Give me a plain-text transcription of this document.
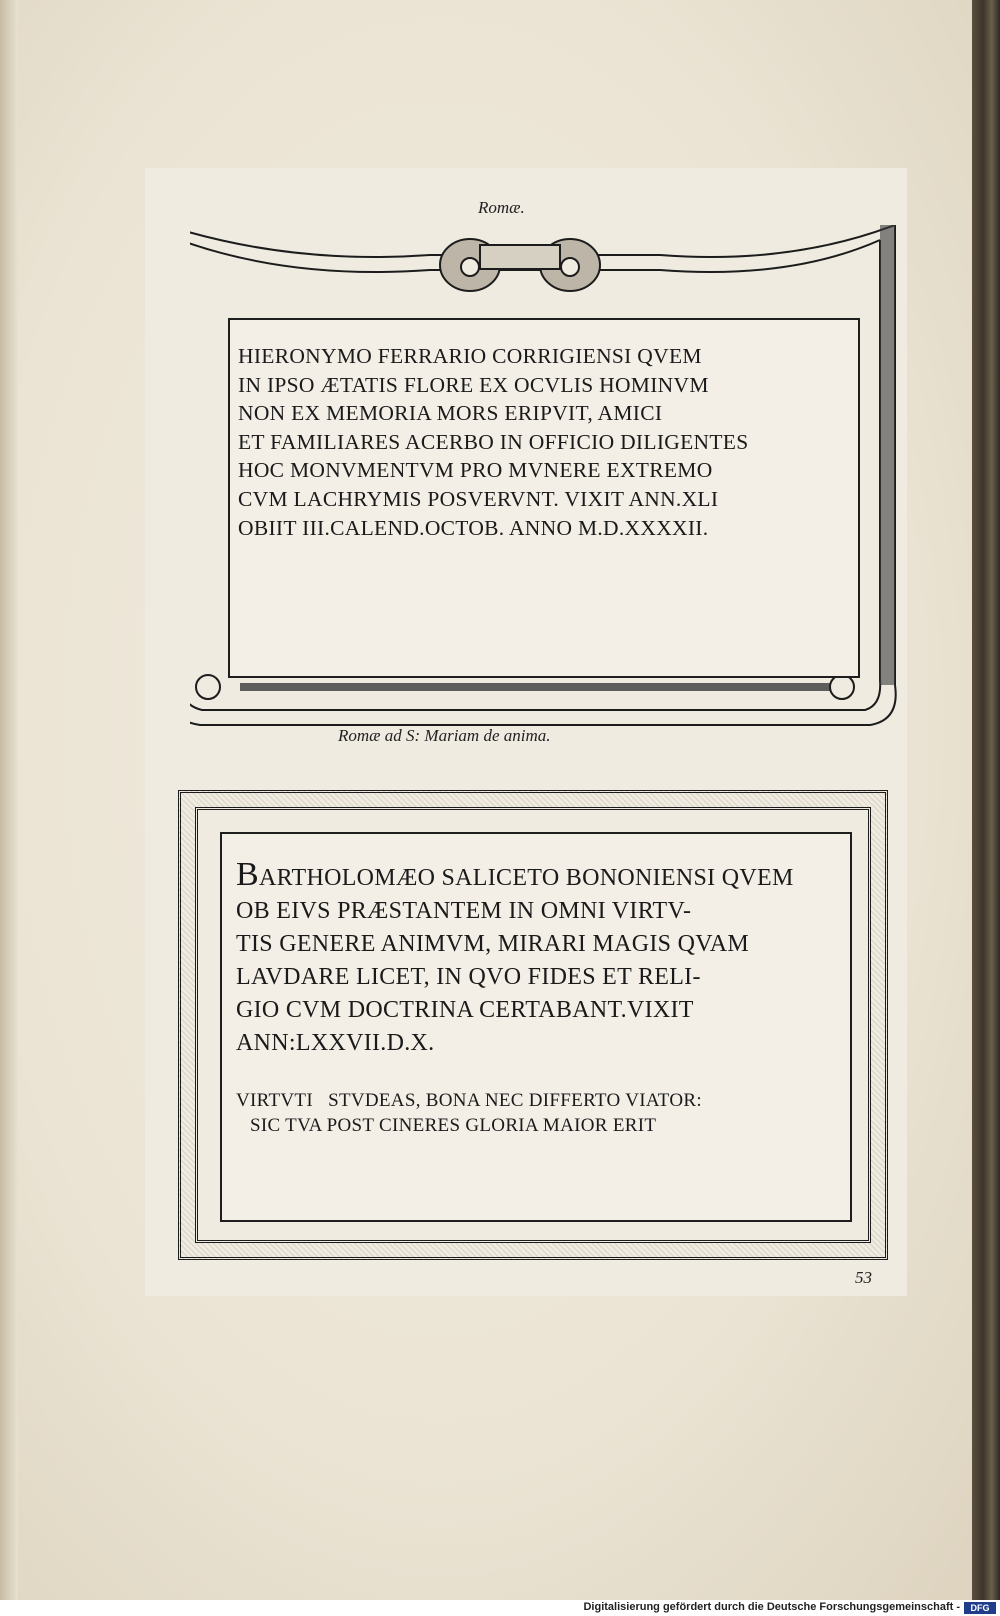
Romæ.
HIERONYMO FERRARIO CORRIGIENSI QVEM
IN IPSO ÆTATIS FLORE EX OCVLIS HOMINVM
NON EX MEMORIA MORS ERIPVIT, AMICI
ET FAMILIARES ACERBO IN OFFICIO DILIGENTES
HOC MONVMENTVM PRO MVNERE EXTREMO
CVM LACHRYMIS POSVERVNT. VIXIT ANN.XLI
OBIIT III.CALEND.OCTOB. ANNO M.D.XXXXII.
Romæ ad S: Mariam de anima.
BARTHOLOMÆO SALICETO BONONIENSI QVEM
OB EIVS PRÆSTANTEM IN OMNI VIRTV-
TIS GENERE ANIMVM, MIRARI MAGIS QVAM
LAVDARE LICET, IN QVO FIDES ET RELI-
GIO CVM DOCTRINA CERTABANT.VIXIT
ANN:LXXVII.D.X.
VIRTVTI   STVDEAS, BONA NEC DIFFERTO VIATOR:
SIC TVA POST CINERES GLORIA MAIOR ERIT
53
Digitalisierung gefördert durch die Deutsche Forschungsgemeinschaft -	DFG
